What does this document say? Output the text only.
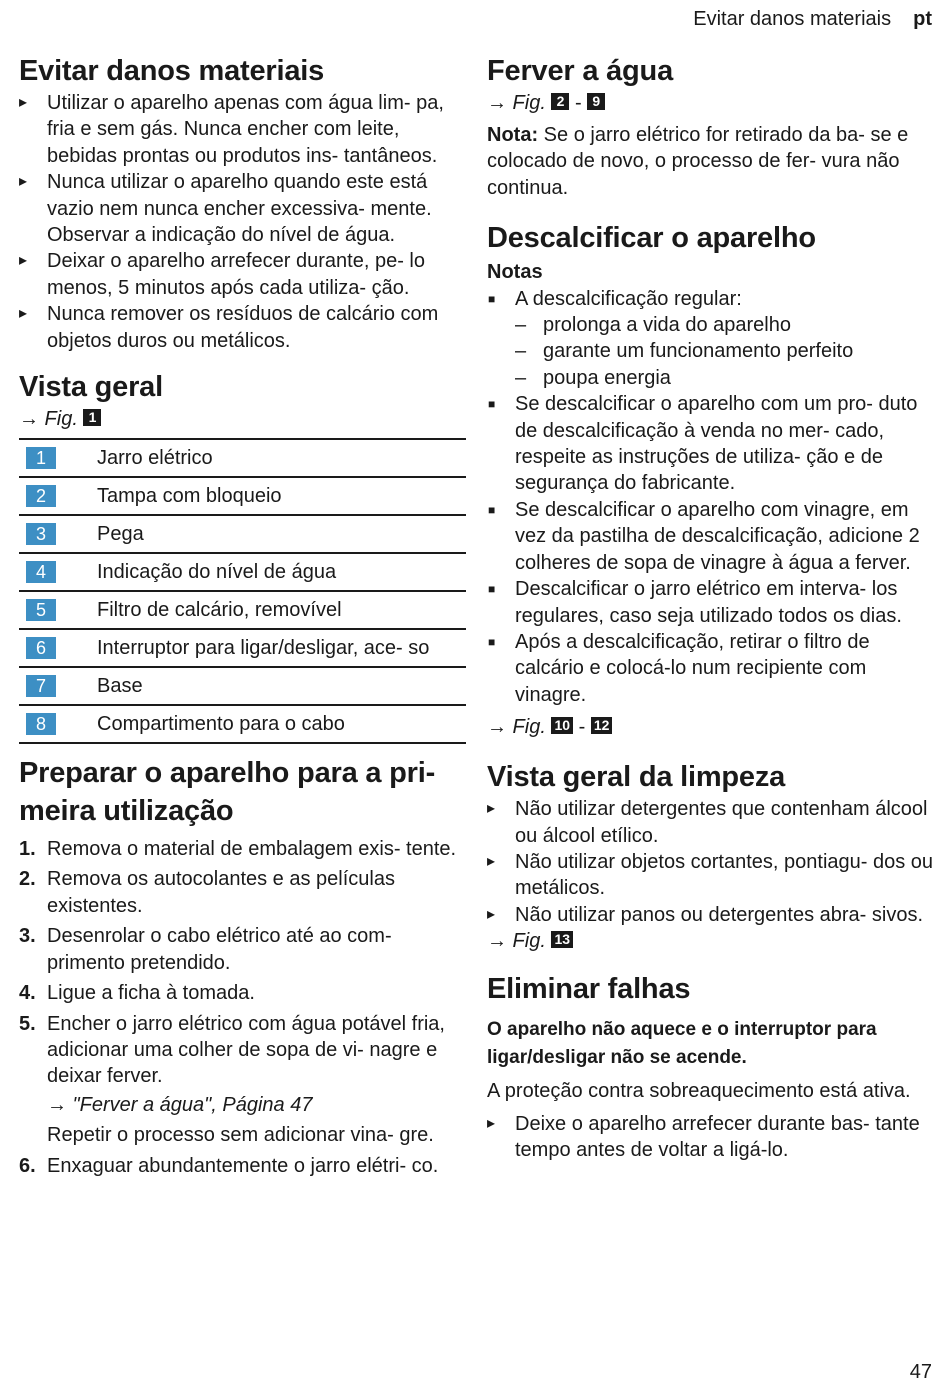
Evitar danos materiais pt
Evitar danos materiais
▸ Utilizar o aparelho apenas com água lim- pa, fria e sem gás. Nunca encher com leite, bebidas prontas ou produtos ins- tantâneos.
▸ Nunca utilizar o aparelho quando este está vazio nem nunca encher excessiva- mente. Observar a indicação do nível de água.
▸ Deixar o aparelho arrefecer durante, pe- lo menos, 5 minutos após cada utiliza- ção.
▸ Nunca remover os resíduos de calcário com objetos duros ou metálicos.
Vista geral
→ Fig. 1
1	Jarro elétrico
2	Tampa com bloqueio
3	Pega
4	Indicação do nível de água
5	Filtro de calcário, removível
6	Interruptor para ligar/desligar, ace- so
7	Base
8	Compartimento para o cabo
Preparar o aparelho para a pri- meira utilização
1. Remova o material de embalagem exis- tente.
2. Remova os autocolantes e as películas existentes.
3. Desenrolar o cabo elétrico até ao com- primento pretendido.
4. Ligue a ficha à tomada.
5. Encher o jarro elétrico com água potável fria, adicionar uma colher de sopa de vi- nagre e deixar ferver.
→ "Ferver a água", Página 47
Repetir o processo sem adicionar vina- gre.
6. Enxaguar abundantemente o jarro elétri- co.
Ferver a água
→ Fig. 2 - 9
Nota: Se o jarro elétrico for retirado da ba- se e colocado de novo, o processo de fer- vura não continua.
Descalcificar o aparelho
Notas
■ A descalcificação regular:
– prolonga a vida do aparelho
– garante um funcionamento perfeito
– poupa energia
■ Se descalcificar o aparelho com um pro- duto de descalcificação à venda no mer- cado, respeite as instruções de utiliza- ção e de segurança do fabricante.
■ Se descalcificar o aparelho com vinagre, em vez da pastilha de descalcificação, adicione 2 colheres de sopa de vinagre à água a ferver.
■ Descalcificar o jarro elétrico em interva- los regulares, caso seja utilizado todos os dias.
■ Após a descalcificação, retirar o filtro de calcário e colocá-lo num recipiente com vinagre.
→ Fig. 10 - 12
Vista geral da limpeza
▸ Não utilizar detergentes que contenham álcool ou álcool etílico.
▸ Não utilizar objetos cortantes, pontiagu- dos ou metálicos.
▸ Não utilizar panos ou detergentes abra- sivos.
→ Fig. 13
Eliminar falhas
O aparelho não aquece e o interruptor para ligar/desligar não se acende.
A proteção contra sobreaquecimento está ativa.
▸ Deixe o aparelho arrefecer durante bas- tante tempo antes de voltar a ligá-lo.
47
